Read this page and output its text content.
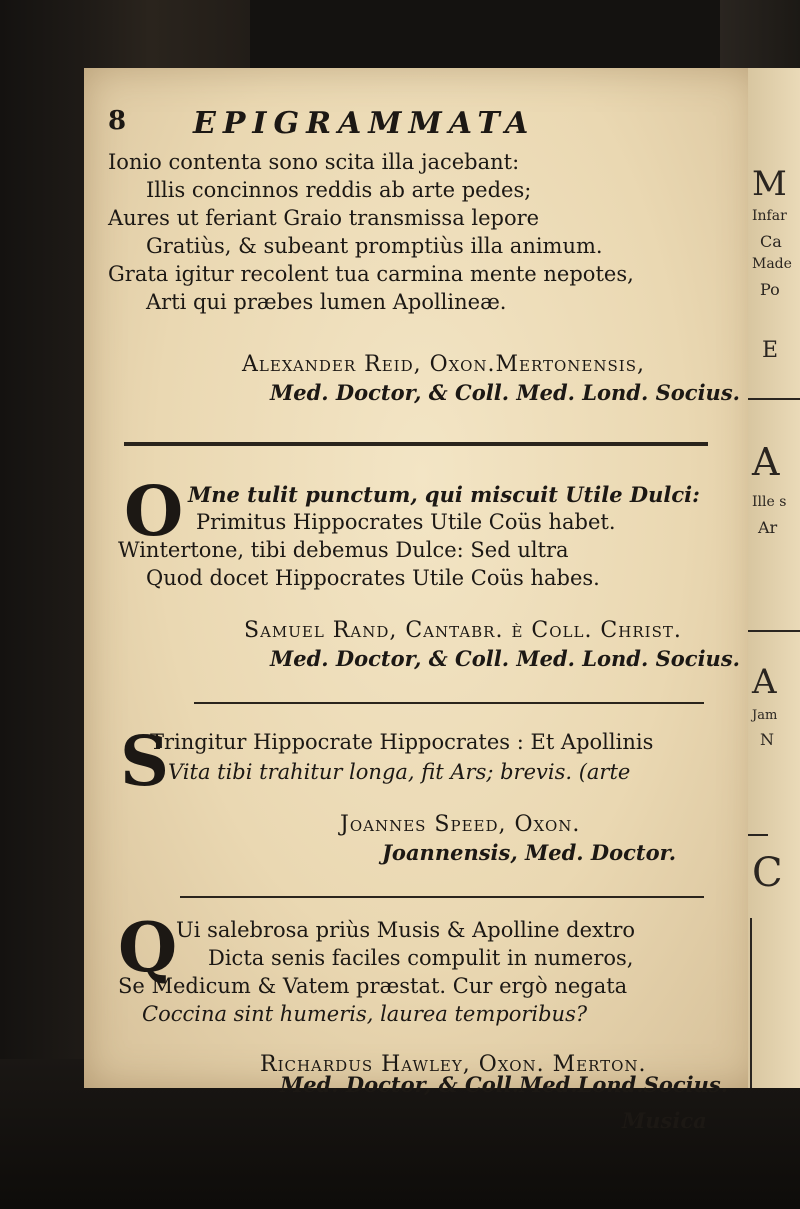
8 EPIGRAMMATA
Ionio contenta sono scita illa jacebant:
Illis concinnos reddis ab arte pedes;
Aures ut feriant Graio transmissa lepore
Gratiùs, & subeant promptiùs illa animum.
Grata igitur recolent tua carmina mente nepotes,
Arti qui præbes lumen Apollineæ.
Alexander Reid, Oxon.Mertonensis,
Med. Doctor, & Coll. Med. Lond. Socius.
O Mne tulit punctum, qui miscuit Utile Dulci:
Primitus Hippocrates Utile Coüs habet.
Wintertone, tibi debemus Dulce: Sed ultra
Quod docet Hippocrates Utile Coüs habes.
Samuel Rand, Cantabr. è Coll. Christ.
Med. Doctor, & Coll. Med. Lond. Socius.
S
Tringitur Hippocrate Hippocrates : Et Apollinis
Vita tibi trahitur longa, fit Ars; brevis. (arte
Joannes Speed, Oxon.
Joannensis, Med. Doctor.
Q
Ui salebrosa priùs Musis & Apolline dextro
Dicta senis faciles compulit in numeros,
Se Medicum & Vatem præstat. Cur ergò negata
Coccina sint humeris, laurea temporibus?
Richardus Hawley, Oxon. Merton.
Med. Doctor, & Coll.Med.Lond.Socius.
Musica
M
Infar
Ca
Made
Po
E
A
Ille s
Ar
A
Jam
N
C
